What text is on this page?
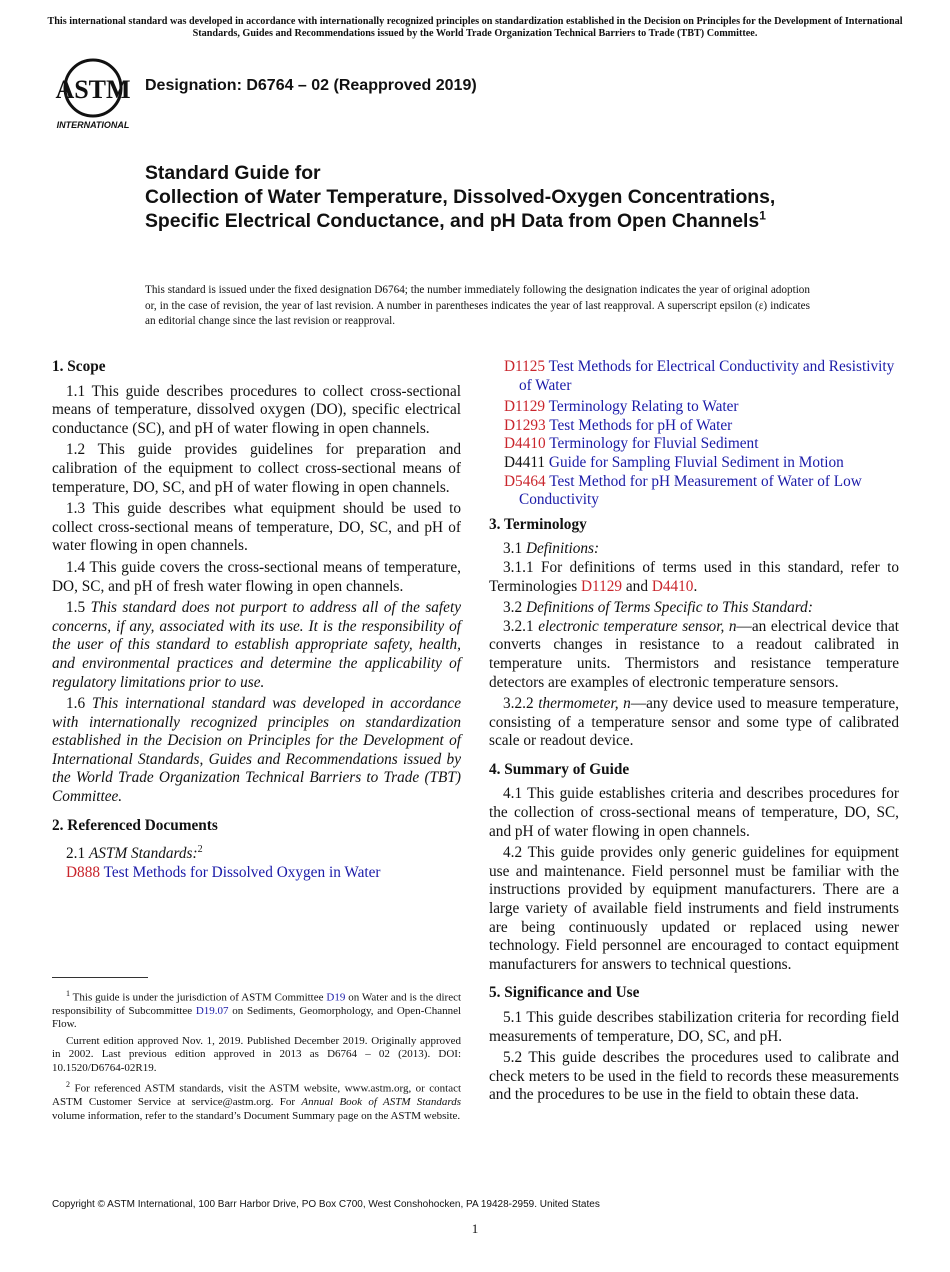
This international standard was developed in accordance with internationally recognized principles on standardization established in the Decision on Principles for the Development of International Standards, Guides and Recommendations issued by the World Trade Organization Technical Barriers to Trade (TBT) Committee.
ASTM
INTERNATIONAL
Designation: D6764 – 02 (Reapproved 2019)
Standard Guide for
Collection of Water Temperature, Dissolved-Oxygen Concentrations, Specific Electrical Conductance, and pH Data from Open Channels$^1$
This standard is issued under the fixed designation D6764; the number immediately following the designation indicates the year of original adoption or, in the case of revision, the year of last revision. A number in parentheses indicates the year of last reapproval. A superscript epsilon (ε) indicates an editorial change since the last revision or reapproval.

1. Scope

1.1 This guide describes procedures to collect cross-sectional means of temperature, dissolved oxygen (DO), specific electrical conductance (SC), and pH of water flowing in open channels.

1.2 This guide provides guidelines for preparation and calibration of the equipment to collect cross-sectional means of temperature, DO, SC, and pH of water flowing in open channels.

1.3 This guide describes what equipment should be used to collect cross-sectional means of temperature, DO, SC, and pH of water flowing in open channels.

1.4 This guide covers the cross-sectional means of temperature, DO, SC, and pH of fresh water flowing in open channels.

1.5 This standard does not purport to address all of the safety concerns, if any, associated with its use. It is the responsibility of the user of this standard to establish appropriate safety, health, and environmental practices and determine the applicability of regulatory limitations prior to use.

1.6 This international standard was developed in accordance with internationally recognized principles on standardization established in the Decision on Principles for the Development of International Standards, Guides and Recommendations issued by the World Trade Organization Technical Barriers to Trade (TBT) Committee.

2. Referenced Documents

2.1 ASTM Standards:$^2$

D888 Test Methods for Dissolved Oxygen in Water

D1125 Test Methods for Electrical Conductivity and Resistivity of Water

D1129 Terminology Relating to Water

D1293 Test Methods for pH of Water

D4410 Terminology for Fluvial Sediment

D4411 Guide for Sampling Fluvial Sediment in Motion

D5464 Test Method for pH Measurement of Water of Low Conductivity

3. Terminology

3.1 Definitions:

3.1.1 For definitions of terms used in this standard, refer to Terminologies D1129 and D4410.

3.2 Definitions of Terms Specific to This Standard:

3.2.1 electronic temperature sensor, n—an electrical device that converts changes in resistance to a readout calibrated in temperature units. Thermistors and resistance temperature detectors are examples of electronic temperature sensors.

3.2.2 thermometer, n—any device used to measure temperature, consisting of a temperature sensor and some type of calibrated scale or readout device.

4. Summary of Guide

4.1 This guide establishes criteria and describes procedures for the collection of cross-sectional means of temperature, DO, SC, and pH of water flowing in open channels.

4.2 This guide provides only generic guidelines for equipment use and maintenance. Field personnel must be familiar with the instructions provided by equipment manufacturers. There are a large variety of available field instruments and field instruments are being continuously updated or replaced using newer technology. Field personnel are encouraged to contact equipment manufacturers for answers to technical questions.

5. Significance and Use

5.1 This guide describes stabilization criteria for recording field measurements of temperature, DO, SC, and pH.

5.2 This guide describes the procedures used to calibrate and check meters to be used in the field to records these measurements and the procedures to be use in the field to obtain these data.

$^1$ This guide is under the jurisdiction of ASTM Committee D19 on Water and is the direct responsibility of Subcommittee D19.07 on Sediments, Geomorphology, and Open-Channel Flow.

Current edition approved Nov. 1, 2019. Published December 2019. Originally approved in 2002. Last previous edition approved in 2013 as D6764 – 02 (2013). DOI: 10.1520/D6764-02R19.

$^2$ For referenced ASTM standards, visit the ASTM website, www.astm.org, or contact ASTM Customer Service at service@astm.org. For Annual Book of ASTM Standards volume information, refer to the standard’s Document Summary page on the ASTM website.

Copyright © ASTM International, 100 Barr Harbor Drive, PO Box C700, West Conshohocken, PA 19428-2959. United States
1
